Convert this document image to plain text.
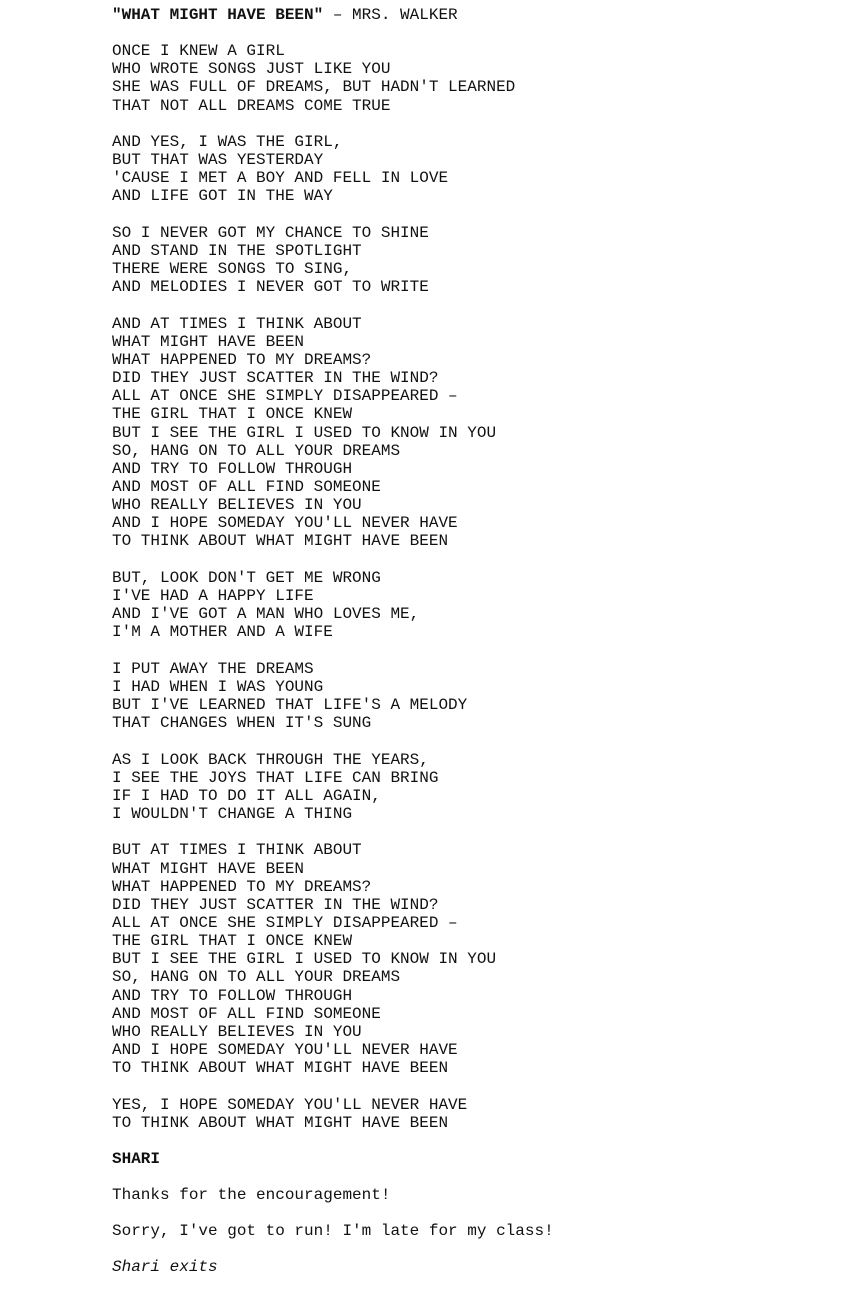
"WHAT MIGHT HAVE BEEN" – MRS. WALKER
ONCE I KNEW A GIRL
WHO WROTE SONGS JUST LIKE YOU
SHE WAS FULL OF DREAMS, BUT HADN'T LEARNED
THAT NOT ALL DREAMS COME TRUE
AND YES, I WAS THE GIRL,
BUT THAT WAS YESTERDAY
'CAUSE I MET A BOY AND FELL IN LOVE
AND LIFE GOT IN THE WAY
SO I NEVER GOT MY CHANCE TO SHINE
AND STAND IN THE SPOTLIGHT
THERE WERE SONGS TO SING,
AND MELODIES I NEVER GOT TO WRITE
AND AT TIMES I THINK ABOUT
WHAT MIGHT HAVE BEEN
WHAT HAPPENED TO MY DREAMS?
DID THEY JUST SCATTER IN THE WIND?
ALL AT ONCE SHE SIMPLY DISAPPEARED –
THE GIRL THAT I ONCE KNEW
BUT I SEE THE GIRL I USED TO KNOW IN YOU
SO, HANG ON TO ALL YOUR DREAMS
AND TRY TO FOLLOW THROUGH
AND MOST OF ALL FIND SOMEONE
WHO REALLY BELIEVES IN YOU
AND I HOPE SOMEDAY YOU'LL NEVER HAVE
TO THINK ABOUT WHAT MIGHT HAVE BEEN
BUT, LOOK DON'T GET ME WRONG
I'VE HAD A HAPPY LIFE
AND I'VE GOT A MAN WHO LOVES ME,
I'M A MOTHER AND A WIFE
I PUT AWAY THE DREAMS
I HAD WHEN I WAS YOUNG
BUT I'VE LEARNED THAT LIFE'S A MELODY
THAT CHANGES WHEN IT'S SUNG
AS I LOOK BACK THROUGH THE YEARS,
I SEE THE JOYS THAT LIFE CAN BRING
IF I HAD TO DO IT ALL AGAIN,
I WOULDN'T CHANGE A THING
BUT AT TIMES I THINK ABOUT
WHAT MIGHT HAVE BEEN
WHAT HAPPENED TO MY DREAMS?
DID THEY JUST SCATTER IN THE WIND?
ALL AT ONCE SHE SIMPLY DISAPPEARED –
THE GIRL THAT I ONCE KNEW
BUT I SEE THE GIRL I USED TO KNOW IN YOU
SO, HANG ON TO ALL YOUR DREAMS
AND TRY TO FOLLOW THROUGH
AND MOST OF ALL FIND SOMEONE
WHO REALLY BELIEVES IN YOU
AND I HOPE SOMEDAY YOU'LL NEVER HAVE
TO THINK ABOUT WHAT MIGHT HAVE BEEN
YES, I HOPE SOMEDAY YOU'LL NEVER HAVE
TO THINK ABOUT WHAT MIGHT HAVE BEEN
SHARI
Thanks for the encouragement!
Sorry, I've got to run! I'm late for my class!
Shari exits
